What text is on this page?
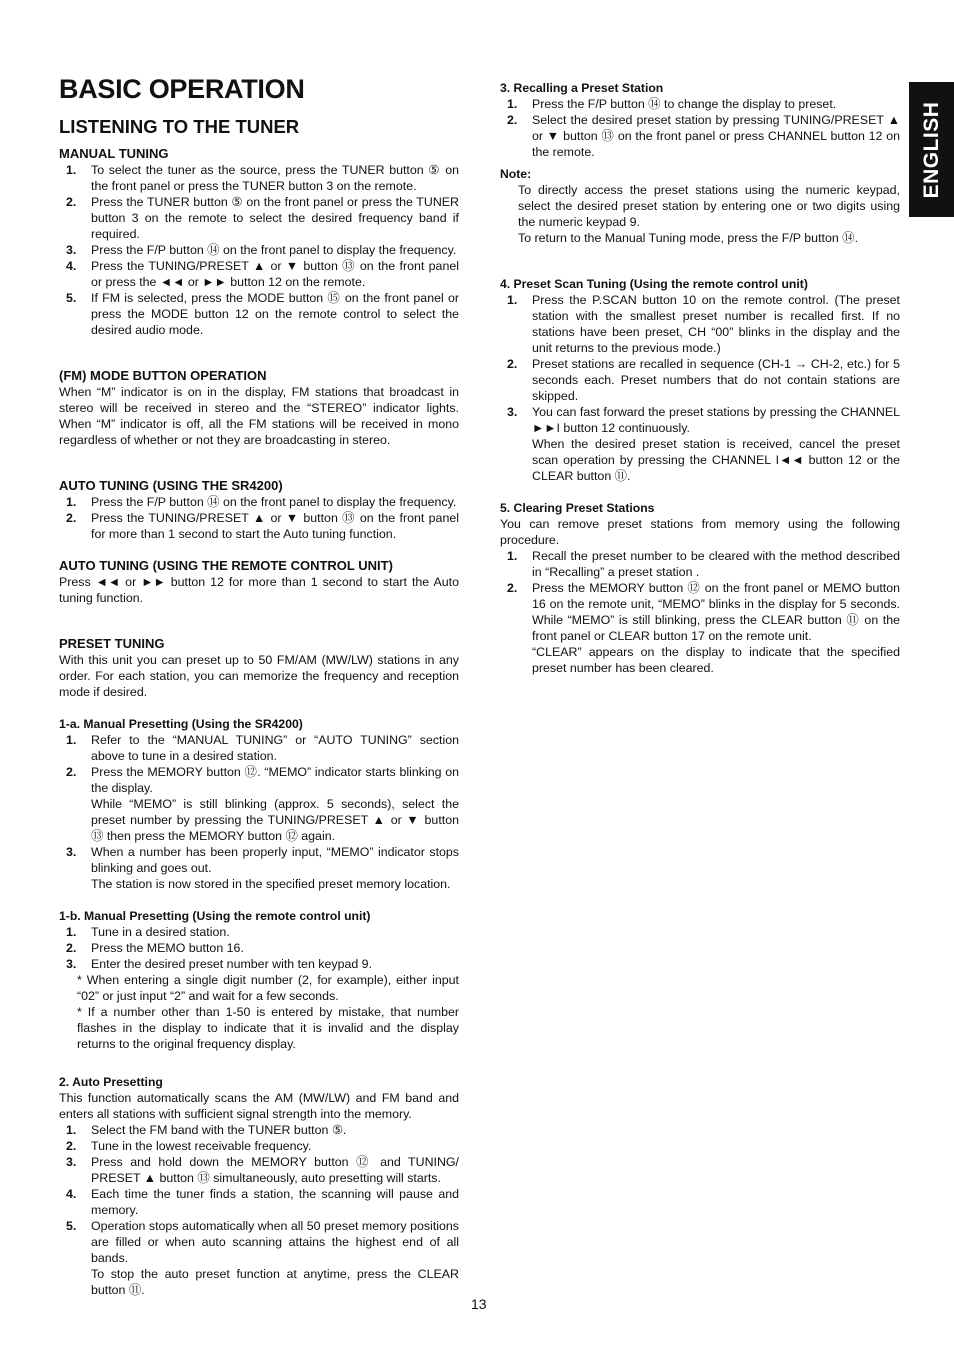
BASIC OPERATION
LISTENING TO THE TUNER	ENGLISH
MANUAL TUNING
1.	To select the tuner as the source, press the TUNER button ⑤ on the front panel or press the TUNER button 3 on the remote.
2.	Press the TUNER button ⑤ on the front panel or press the TUNER button 3 on the remote to select the desired frequency band if required.
3.	Press the F/P button ⑭ on the front panel to display the frequency.
4.	Press the TUNING/PRESET ▲ or ▼ button ⑬ on the front panel or press the ◄◄ or ►► button 12 on the remote.
5.	If FM is selected, press the MODE button ⑮ on the front panel or press the MODE button 12 on the remote control to select the desired audio mode.
(FM) MODE BUTTON OPERATION
When “M” indicator is on in the display, FM stations that broadcast in stereo will be received in stereo and the “STEREO” indicator lights. When “M” indicator is off, all the FM stations will be received in mono regardless of whether or not they are broadcasting in stereo.
AUTO TUNING (USING THE SR4200)
1.	Press the F/P button ⑭ on the front panel to display the frequency.
2.	Press the TUNING/PRESET ▲ or ▼ button ⑬ on the front panel for more than 1 second to start the Auto tuning function.
AUTO TUNING (USING THE REMOTE CONTROL UNIT)
Press ◄◄ or ►► button 12 for more than 1 second to start the Auto tuning function.
PRESET TUNING
With this unit you can preset up to 50 FM/AM (MW/LW) stations in any order. For each station, you can memorize the frequency and reception mode if desired.
1-a. Manual Presetting (Using the SR4200)
1.	Refer to the “MANUAL TUNING” or “AUTO TUNING” section above to tune in a desired station.
2.	Press the MEMORY button ⑫. “MEMO” indicator starts blinking on the display.
While “MEMO” is still blinking (approx. 5 seconds), select the preset number by pressing the TUNING/PRESET ▲ or ▼ button ⑬ then press the MEMORY button ⑫ again.
3.	When a number has been properly input, “MEMO” indicator stops blinking and goes out.
The station is now stored in the specified preset memory location.
1-b. Manual Presetting (Using the remote control unit)
1.	Tune in a desired station.
2.	Press the MEMO button 16.
3.	Enter the desired preset number with ten keypad 9.
* When entering a single digit number (2, for example), either input “02” or just input “2” and wait for a few seconds.
* If a number other than 1-50 is entered by mistake, that number flashes in the display to indicate that it is invalid and the display returns to the original frequency display.
2. Auto Presetting
This function automatically scans the AM (MW/LW) and FM band and enters all stations with sufficient signal strength into the memory.
1.	Select the FM band with the TUNER button ⑤.
2.	Tune in the lowest receivable frequency.
3.	Press and hold down the MEMORY button ⑫ and TUNING/ PRESET ▲ button ⑬ simultaneously, auto presetting will starts.
4.	Each time the tuner finds a station, the scanning will pause and memory.
5.	Operation stops automatically when all 50 preset memory positions are filled or when auto scanning attains the highest end of all bands.
To stop the auto preset function at anytime, press the CLEAR button ⑪.
3. Recalling a Preset Station
1.	Press the F/P button ⑭ to change the display to preset.
2.	Select the desired preset station by pressing TUNING/PRESET ▲ or ▼ button ⑬ on the front panel or press CHANNEL button 12 on the remote.
Note:
To directly access the preset stations using the numeric keypad, select the desired preset station by entering one or two digits using the numeric keypad 9.
To return to the Manual Tuning mode, press the F/P button ⑭.
4. Preset Scan Tuning (Using the remote control unit)
1.	Press the P.SCAN button 10 on the remote control. (The preset station with the smallest preset number is recalled first. If no stations have been preset, CH “00” blinks in the display and the unit returns to the previous mode.)
2.	Preset stations are recalled in sequence (CH-1 → CH-2, etc.) for 5 seconds each. Preset numbers that do not contain stations are skipped.
3.	You can fast forward the preset stations by pressing the CHANNEL ►►I button 12 continuously.
When the desired preset station is received, cancel the preset scan operation by pressing the CHANNEL I◄◄ button 12 or the CLEAR button ⑪.
5. Clearing Preset Stations
You can remove preset stations from memory using the following procedure.
1.	Recall the preset number to be cleared with the method described in “Recalling” a preset station .
2.	Press the MEMORY button ⑫ on the front panel or MEMO button 16 on the remote unit, “MEMO” blinks in the display for 5 seconds. While “MEMO” is still blinking, press the CLEAR button ⑪ on the front panel or CLEAR button 17 on the remote unit.
“CLEAR” appears on the display to indicate that the specified preset number has been cleared.
13
